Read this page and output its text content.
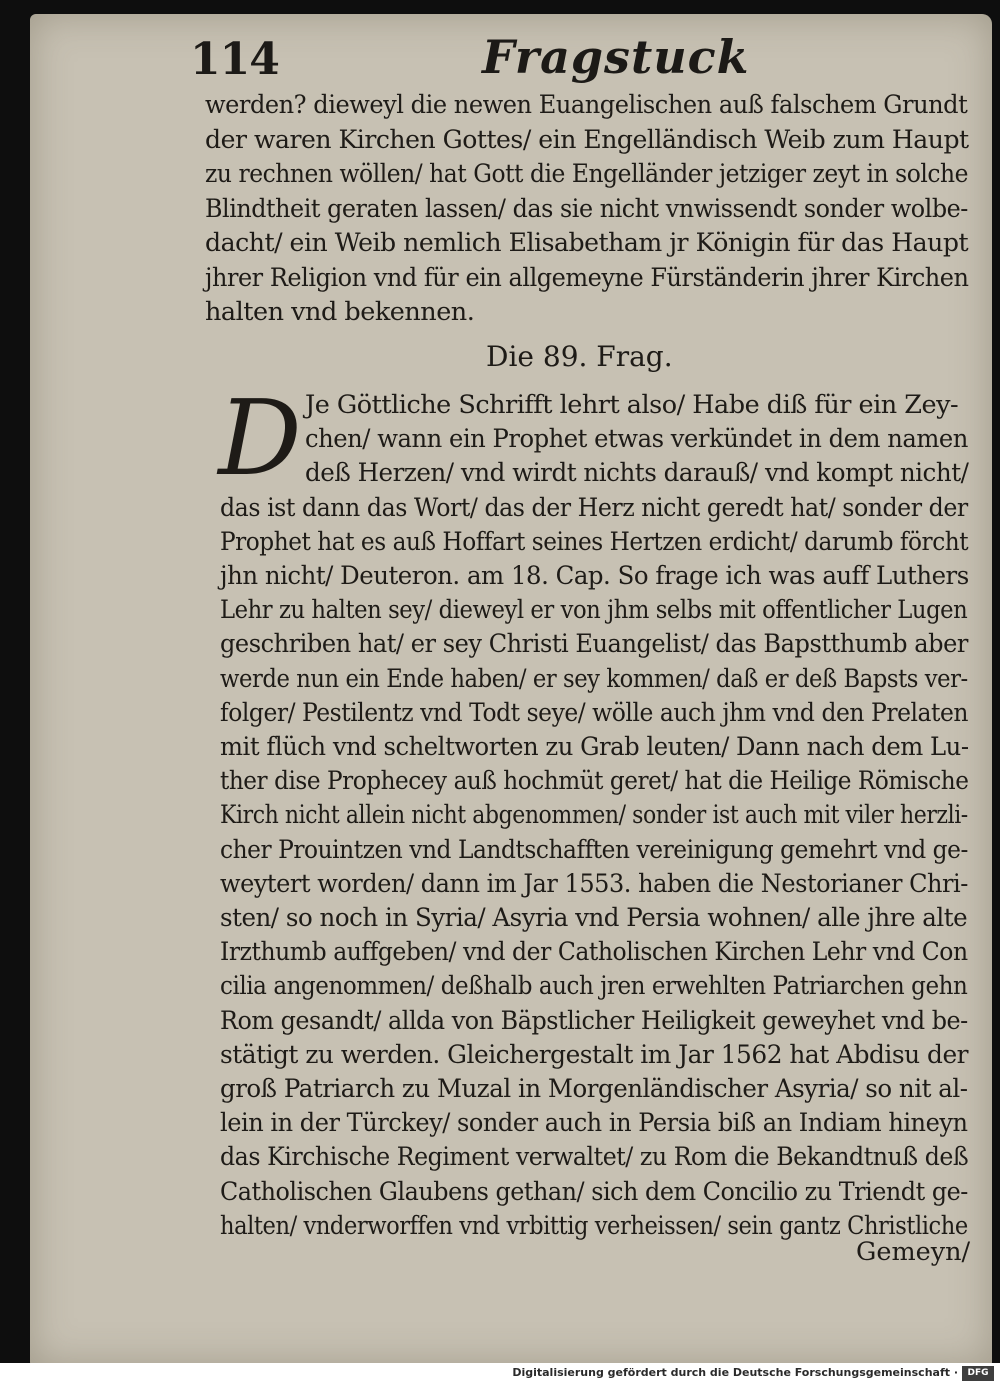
114	Fragstuck
werden? dieweyl die newen Euangelischen auß falschem Grundt
der waren Kirchen Gottes/ ein Engelländisch Weib zum Haupt
zu rechnen wöllen/ hat Gott die Engelländer jetziger zeyt in solche
Blindtheit geraten lassen/ das sie nicht vnwissendt sonder wolbe-
dacht/ ein Weib nemlich Elisabetham jr Königin für das Haupt
jhrer Religion vnd für ein allgemeyne Fürständerin jhrer Kirchen
halten vnd bekennen.
Die 89. Frag.
D Je Göttliche Schrifft lehrt also/ Habe diß für ein Zey-
chen/ wann ein Prophet etwas verkündet in dem namen
deß Herzen/ vnd wirdt nichts darauß/ vnd kompt nicht/
das ist dann das Wort/ das der Herz nicht geredt hat/ sonder der
Prophet hat es auß Hoffart seines Hertzen erdicht/ darumb förcht
jhn nicht/ Deuteron. am 18. Cap. So frage ich was auff Luthers
Lehr zu halten sey/ dieweyl er von jhm selbs mit offentlicher Lugen
geschriben hat/ er sey Christi Euangelist/ das Bapstthumb aber
werde nun ein Ende haben/ er sey kommen/ daß er deß Bapsts ver-
folger/ Pestilentz vnd Todt seye/ wölle auch jhm vnd den Prelaten
mit flüch vnd scheltworten zu Grab leuten/ Dann nach dem Lu-
ther dise Prophecey auß hochmüt geret/ hat die Heilige Römische
Kirch nicht allein nicht abgenommen/ sonder ist auch mit viler herzli-
cher Prouintzen vnd Landtschafften vereinigung gemehrt vnd ge-
weytert worden/ dann im Jar 1553. haben die Nestorianer Chri-
sten/ so noch in Syria/ Asyria vnd Persia wohnen/ alle jhre alte
Irzthumb auffgeben/ vnd der Catholischen Kirchen Lehr vnd Con
cilia angenommen/ deßhalb auch jren erwehlten Patriarchen gehn
Rom gesandt/ allda von Bäpstlicher Heiligkeit geweyhet vnd be-
stätigt zu werden. Gleichergestalt im Jar 1562 hat Abdisu der
groß Patriarch zu Muzal in Morgenländischer Asyria/ so nit al-
lein in der Türckey/ sonder auch in Persia biß an Indiam hineyn
das Kirchische Regiment verwaltet/ zu Rom die Bekandtnuß deß
Catholischen Glaubens gethan/ sich dem Concilio zu Triendt ge-
halten/ vnderworffen vnd vrbittig verheissen/ sein gantz Christliche
Gemeyn/
Digitalisierung gefördert durch die Deutsche Forschungsgemeinschaft ·	DFG
